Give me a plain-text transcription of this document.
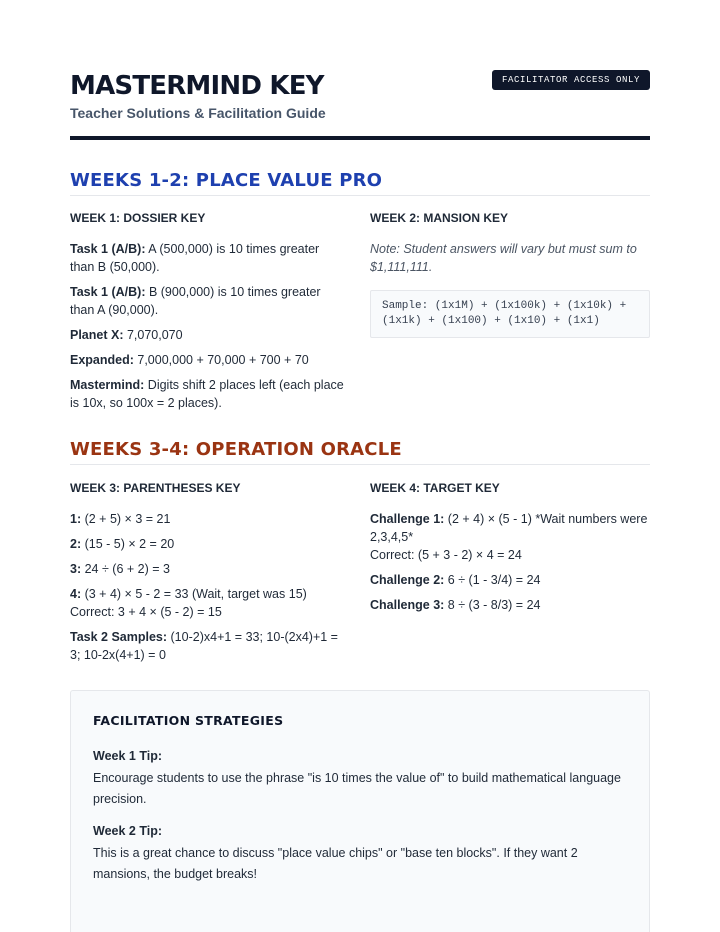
MASTERMIND KEY
Teacher Solutions & Facilitation Guide
FACILITATOR ACCESS ONLY
WEEKS 1-2: PLACE VALUE PRO
WEEK 1: DOSSIER KEY
Task 1 (A/B): A (500,000) is 10 times greater than B (50,000).
Task 1 (A/B): B (900,000) is 10 times greater than A (90,000).
Planet X: 7,070,070
Expanded: 7,000,000 + 70,000 + 700 + 70
Mastermind: Digits shift 2 places left (each place is 10x, so 100x = 2 places).
WEEK 2: MANSION KEY
Note: Student answers will vary but must sum to $1,111,111.
Sample: (1x1M) + (1x100k) + (1x10k) +
(1x1k) + (1x100) + (1x10) + (1x1)
WEEKS 3-4: OPERATION ORACLE
WEEK 3: PARENTHESES KEY
1: (2 + 5) × 3 = 21
2: (15 - 5) × 2 = 20
3: 24 ÷ (6 + 2) = 3
4: (3 + 4) × 5 - 2 = 33 (Wait, target was 15)
Correct: 3 + 4 × (5 - 2) = 15
Task 2 Samples: (10-2)x4+1 = 33; 10-(2x4)+1 = 3; 10-2x(4+1) = 0
WEEK 4: TARGET KEY
Challenge 1: (2 + 4) × (5 - 1) *Wait numbers were 2,3,4,5*
Correct: (5 + 3 - 2) × 4 = 24
Challenge 2: 6 ÷ (1 - 3/4) = 24
Challenge 3: 8 ÷ (3 - 8/3) = 24
FACILITATION STRATEGIES
Week 1 Tip:
Encourage students to use the phrase "is 10 times the value of" to build mathematical language precision.
Week 2 Tip:
This is a great chance to discuss "place value chips" or "base ten blocks". If they want 2 mansions, the budget breaks!
